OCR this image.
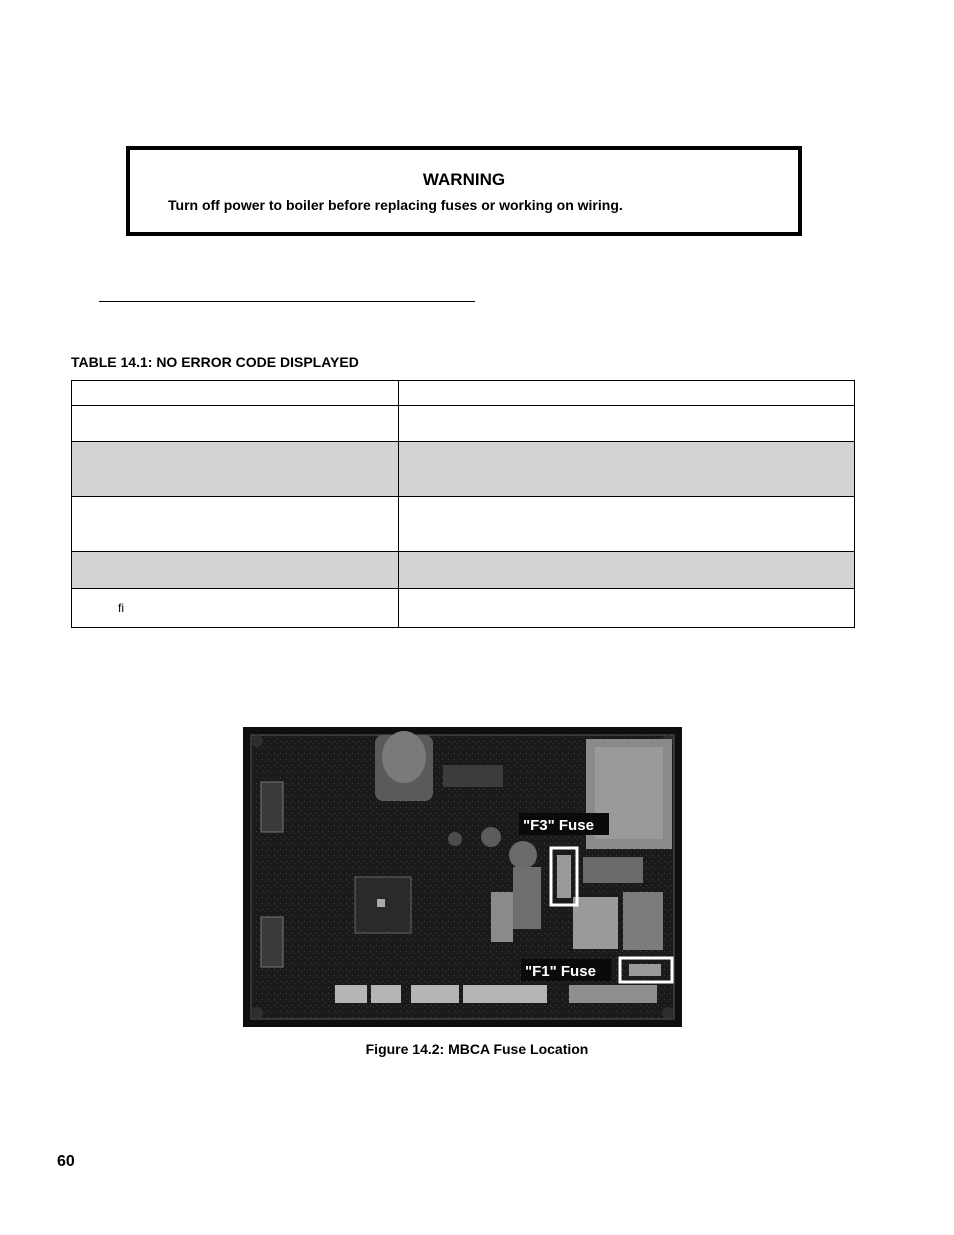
WARNING
Turn off power to boiler before replacing fuses or working on wiring.
TABLE 14.1: NO ERROR CODE DISPLAYED

fi	
"F3" Fuse
"F1" Fuse
Figure 14.2: MBCA Fuse Location
60
